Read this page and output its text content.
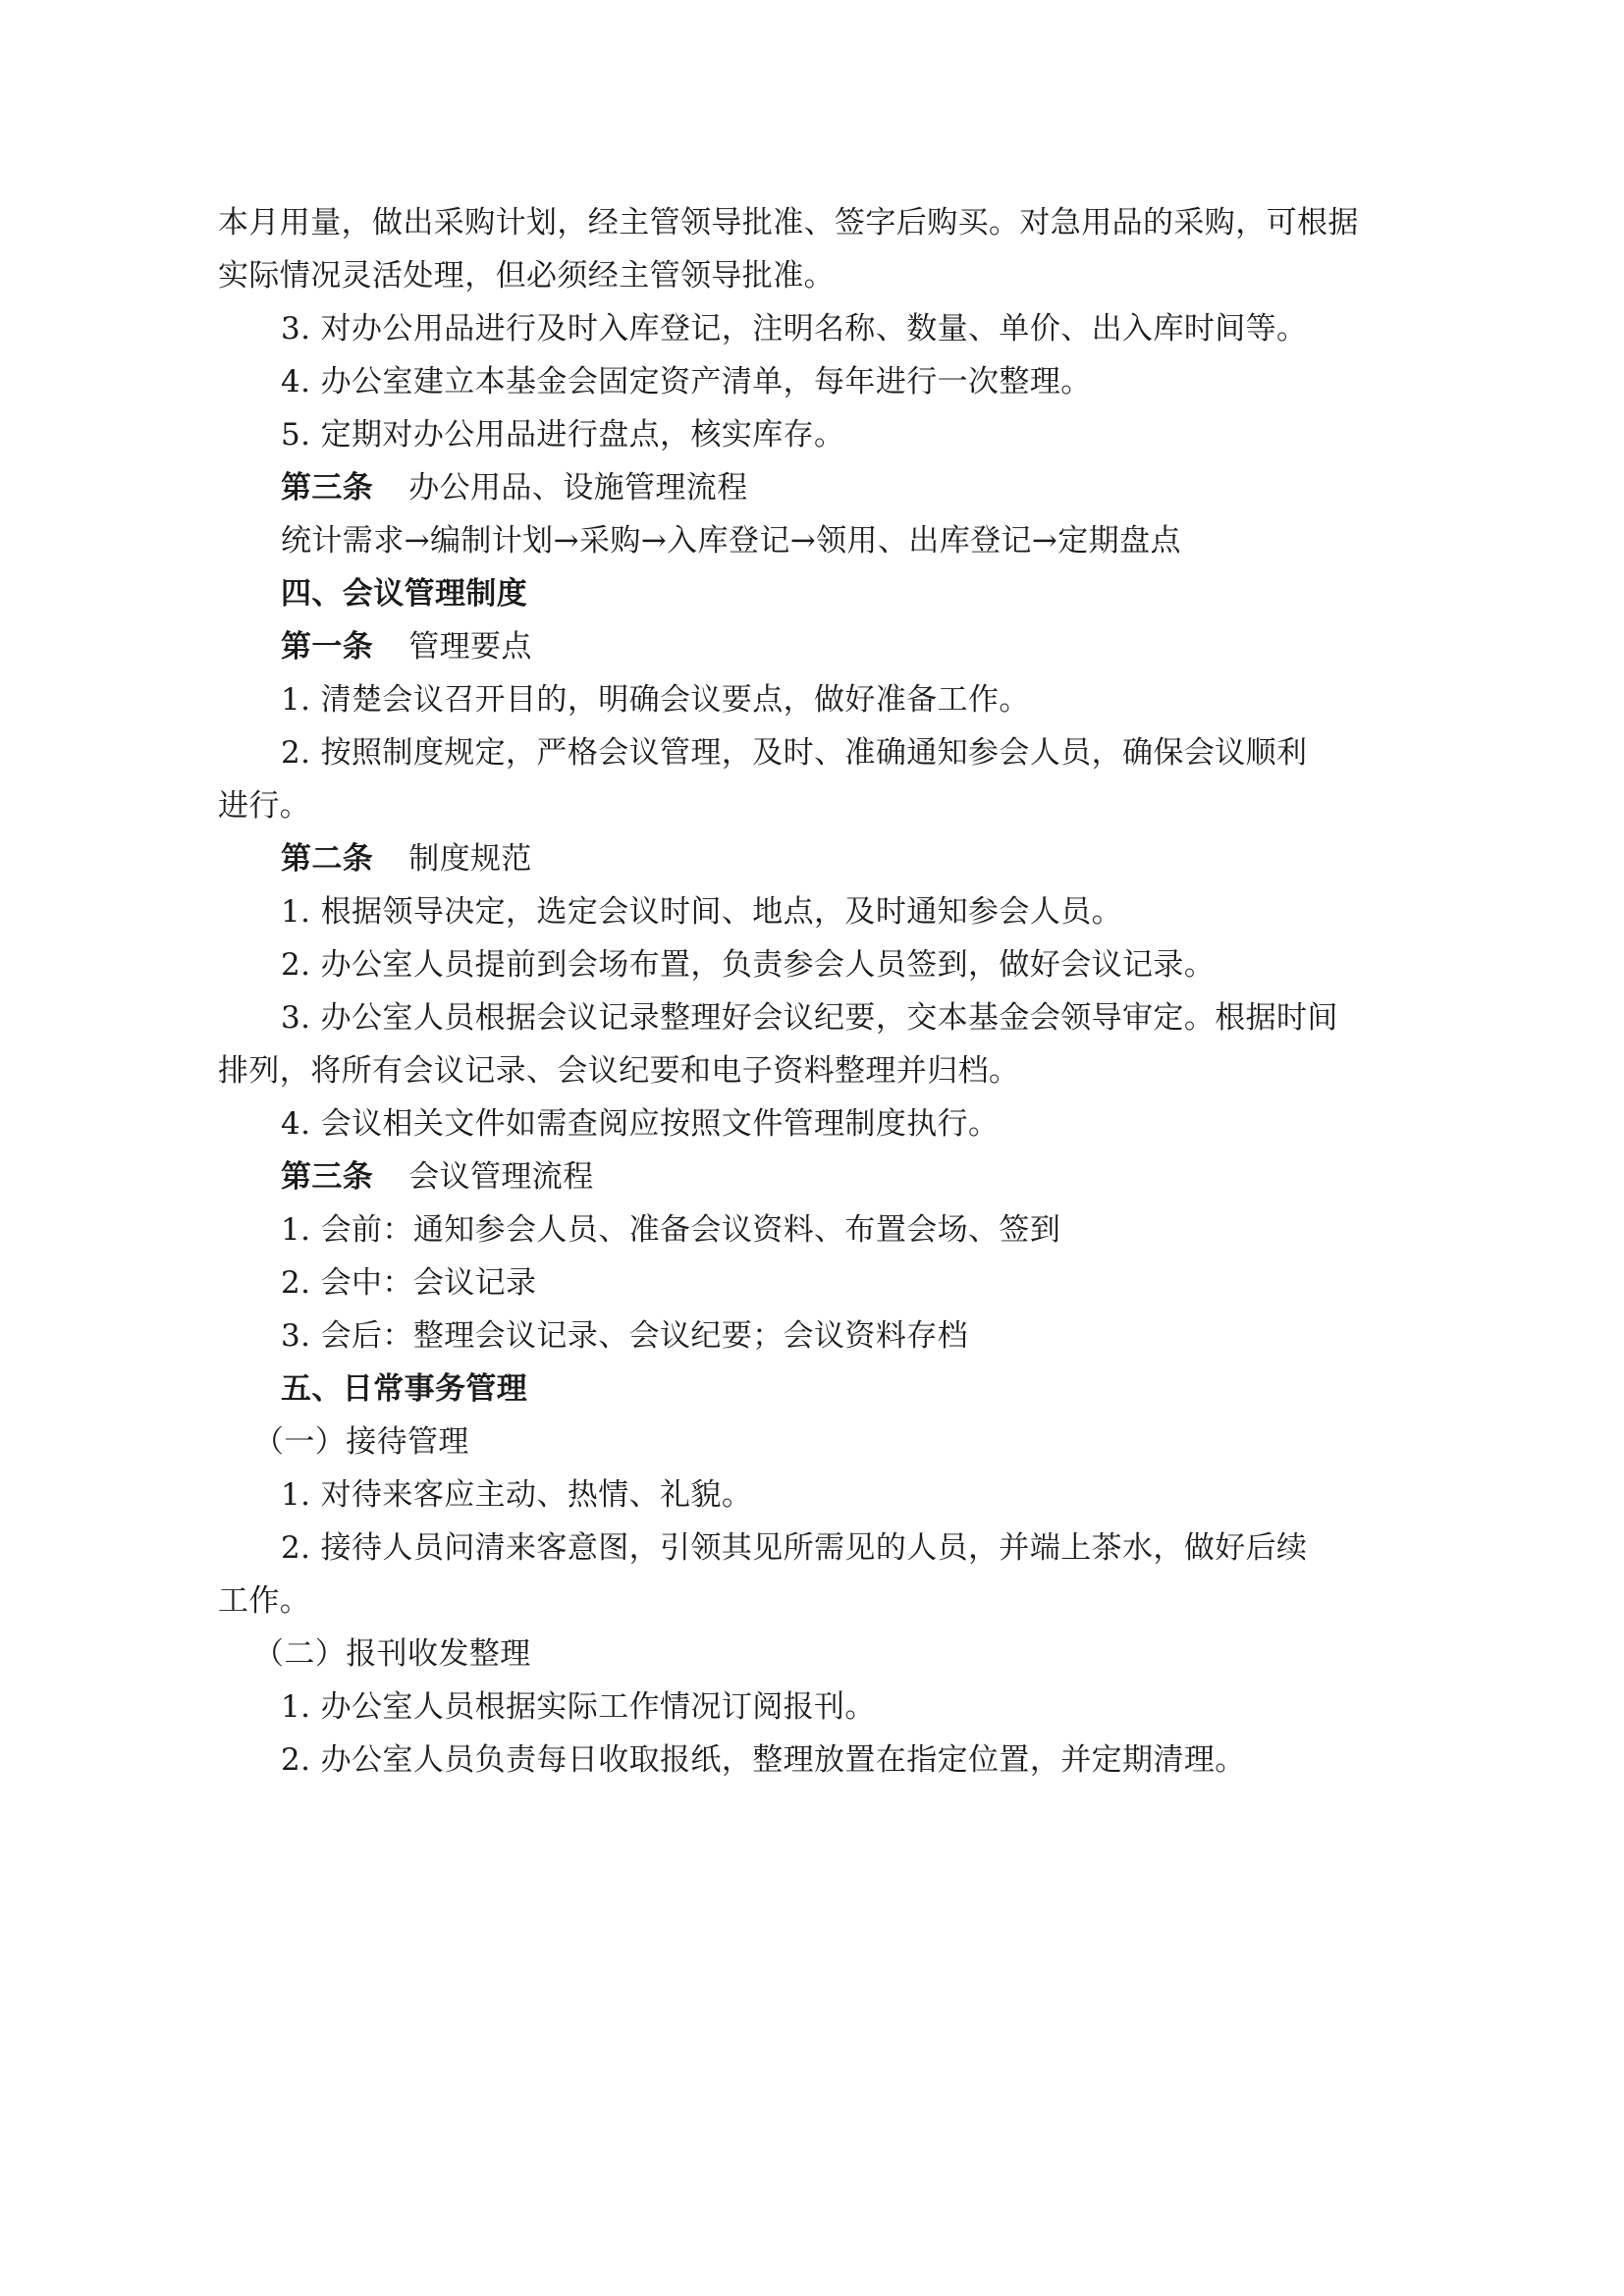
本月用量，做出采购计划，经主管领导批准、签字后购买。对急用品的采购，可根据
实际情况灵活处理，但必须经主管领导批准。
3. 对办公用品进行及时入库登记，注明名称、数量、单价、出入库时间等。
4. 办公室建立本基金会固定资产清单，每年进行一次整理。
5. 定期对办公用品进行盘点，核实库存。
第三条 办公用品、设施管理流程
统计需求→编制计划→采购→入库登记→领用、出库登记→定期盘点
四、会议管理制度
第一条 管理要点
1. 清楚会议召开目的，明确会议要点，做好准备工作。
2. 按照制度规定，严格会议管理，及时、准确通知参会人员，确保会议顺利
进行。
第二条 制度规范
1. 根据领导决定，选定会议时间、地点，及时通知参会人员。
2. 办公室人员提前到会场布置，负责参会人员签到，做好会议记录。
3. 办公室人员根据会议记录整理好会议纪要，交本基金会领导审定。根据时间
排列，将所有会议记录、会议纪要和电子资料整理并归档。
4. 会议相关文件如需查阅应按照文件管理制度执行。
第三条 会议管理流程
1. 会前：通知参会人员、准备会议资料、布置会场、签到
2. 会中：会议记录
3. 会后：整理会议记录、会议纪要；会议资料存档
五、日常事务管理
（一）接待管理
1. 对待来客应主动、热情、礼貌。
2. 接待人员问清来客意图，引领其见所需见的人员，并端上茶水，做好后续
工作。
（二）报刊收发整理
1. 办公室人员根据实际工作情况订阅报刊。
2. 办公室人员负责每日收取报纸，整理放置在指定位置，并定期清理。
